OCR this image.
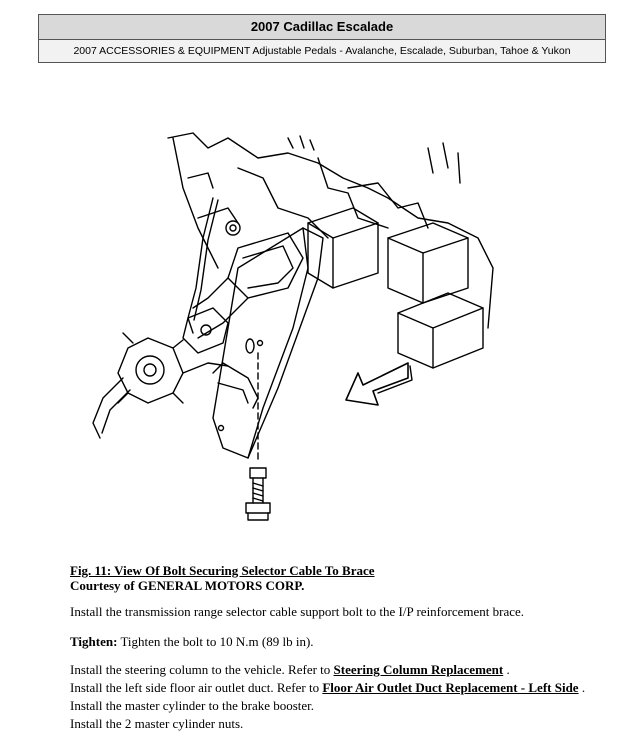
2007 Cadillac Escalade
2007 ACCESSORIES & EQUIPMENT Adjustable Pedals - Avalanche, Escalade, Suburban, Tahoe & Yukon
Fig. 11: View Of Bolt Securing Selector Cable To Brace
Courtesy of GENERAL MOTORS CORP.
Install the transmission range selector cable support bolt to the I/P reinforcement brace.
Tighten: Tighten the bolt to 10 N.m (89 lb in).
Install the steering column to the vehicle. Refer to Steering Column Replacement .
Install the left side floor air outlet duct. Refer to Floor Air Outlet Duct Replacement - Left Side .
Install the master cylinder to the brake booster.
Install the 2 master cylinder nuts.
